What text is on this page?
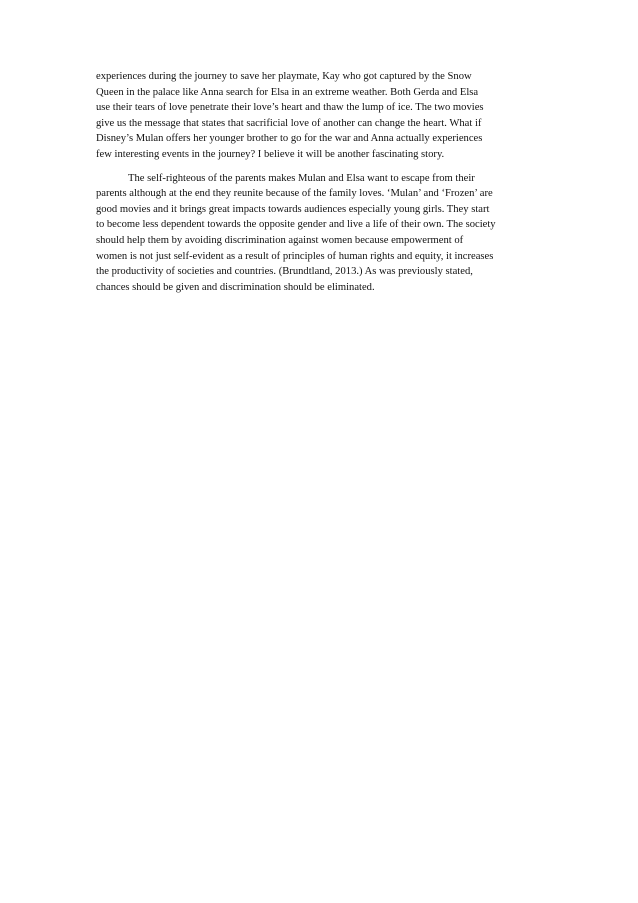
experiences during the journey to save her playmate, Kay who got captured by the Snow
Queen in the palace like Anna search for Elsa in an extreme weather. Both Gerda and Elsa
use their tears of love penetrate their love’s heart and thaw the lump of ice. The two movies
give us the message that states that sacrificial love of another can change the heart. What if
Disney’s Mulan offers her younger brother to go for the war and Anna actually experiences
few interesting events in the journey? I believe it will be another fascinating story.

The self-righteous of the parents makes Mulan and Elsa want to escape from their
parents although at the end they reunite because of the family loves. ‘Mulan’ and ‘Frozen’ are
good movies and it brings great impacts towards audiences especially young girls. They start
to become less dependent towards the opposite gender and live a life of their own. The society
should help them by avoiding discrimination against women because empowerment of
women is not just self-evident as a result of principles of human rights and equity, it increases
the productivity of societies and countries. (Brundtland, 2013.) As was previously stated,
chances should be given and discrimination should be eliminated.
